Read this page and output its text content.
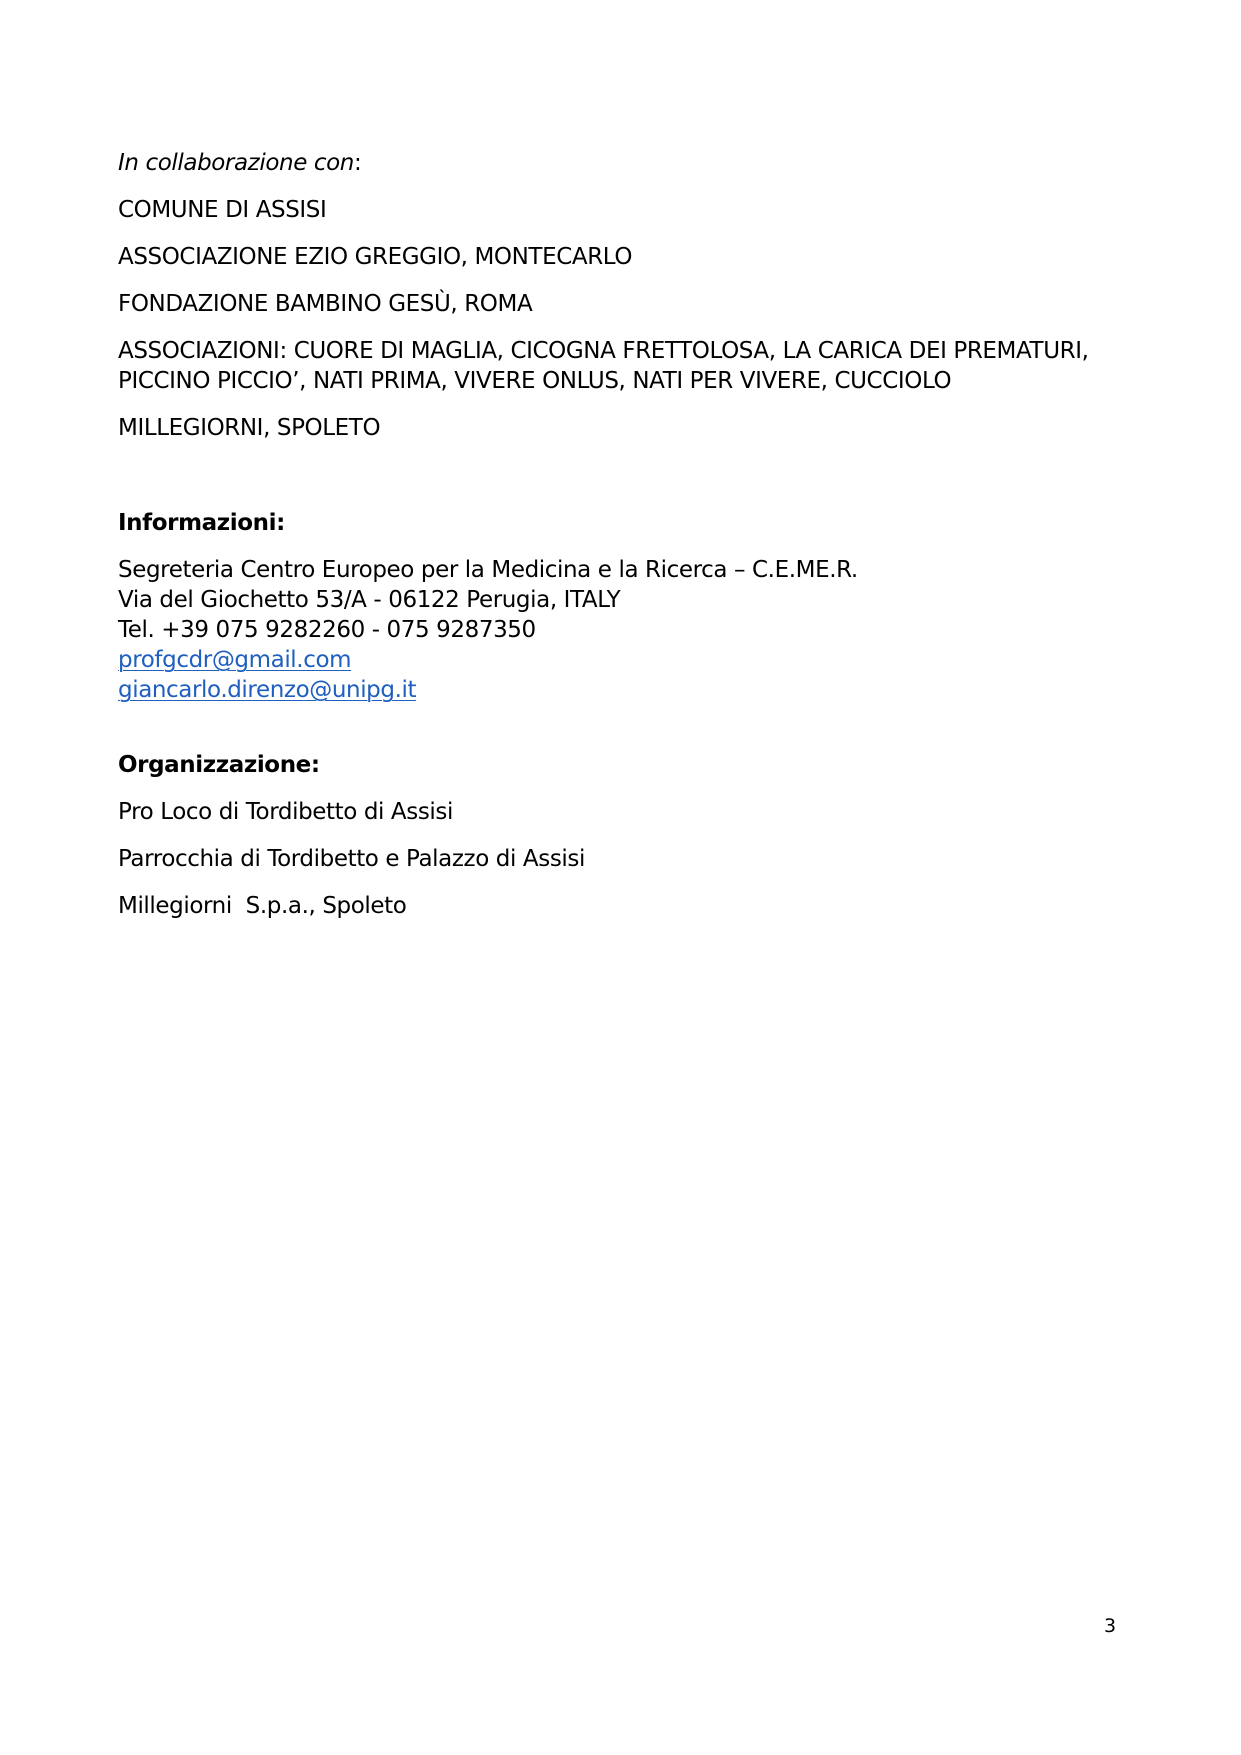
In collaborazione con:
COMUNE DI ASSISI
ASSOCIAZIONE EZIO GREGGIO, MONTECARLO
FONDAZIONE BAMBINO GESÙ, ROMA
ASSOCIAZIONI: CUORE DI MAGLIA, CICOGNA FRETTOLOSA, LA CARICA DEI PREMATURI,
PICCINO PICCIO’, NATI PRIMA, VIVERE ONLUS, NATI PER VIVERE, CUCCIOLO
MILLEGIORNI, SPOLETO
Informazioni:
Segreteria Centro Europeo per la Medicina e la Ricerca – C.E.ME.R.
Via del Giochetto 53/A - 06122 Perugia, ITALY
Tel. +39 075 9282260 - 075 9287350
profgcdr@gmail.com
giancarlo.direnzo@unipg.it
Organizzazione:
Pro Loco di Tordibetto di Assisi
Parrocchia di Tordibetto e Palazzo di Assisi
Millegiorni  S.p.a., Spoleto
3
